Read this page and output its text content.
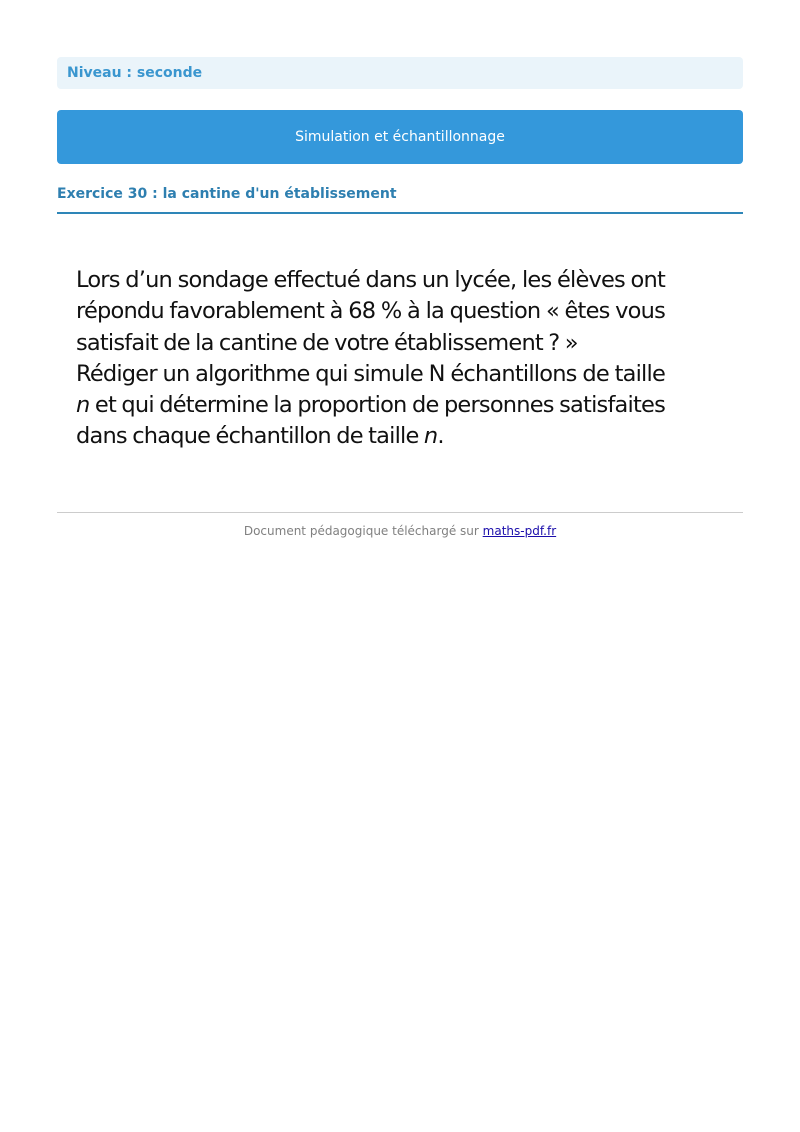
Niveau : seconde
Simulation et échantillonnage
Exercice 30 : la cantine d'un établissement

Lors d’un sondage effectué dans un lycée, les élèves ont répondu favorablement à 68 % à la question « êtes vous satisfait de la cantine de votre établissement ? »

Rédiger un algorithme qui simule N échantillons de taille n et qui détermine la proportion de personnes satisfaites dans chaque échantillon de taille n.

Document pédagogique téléchargé sur maths-pdf.fr
